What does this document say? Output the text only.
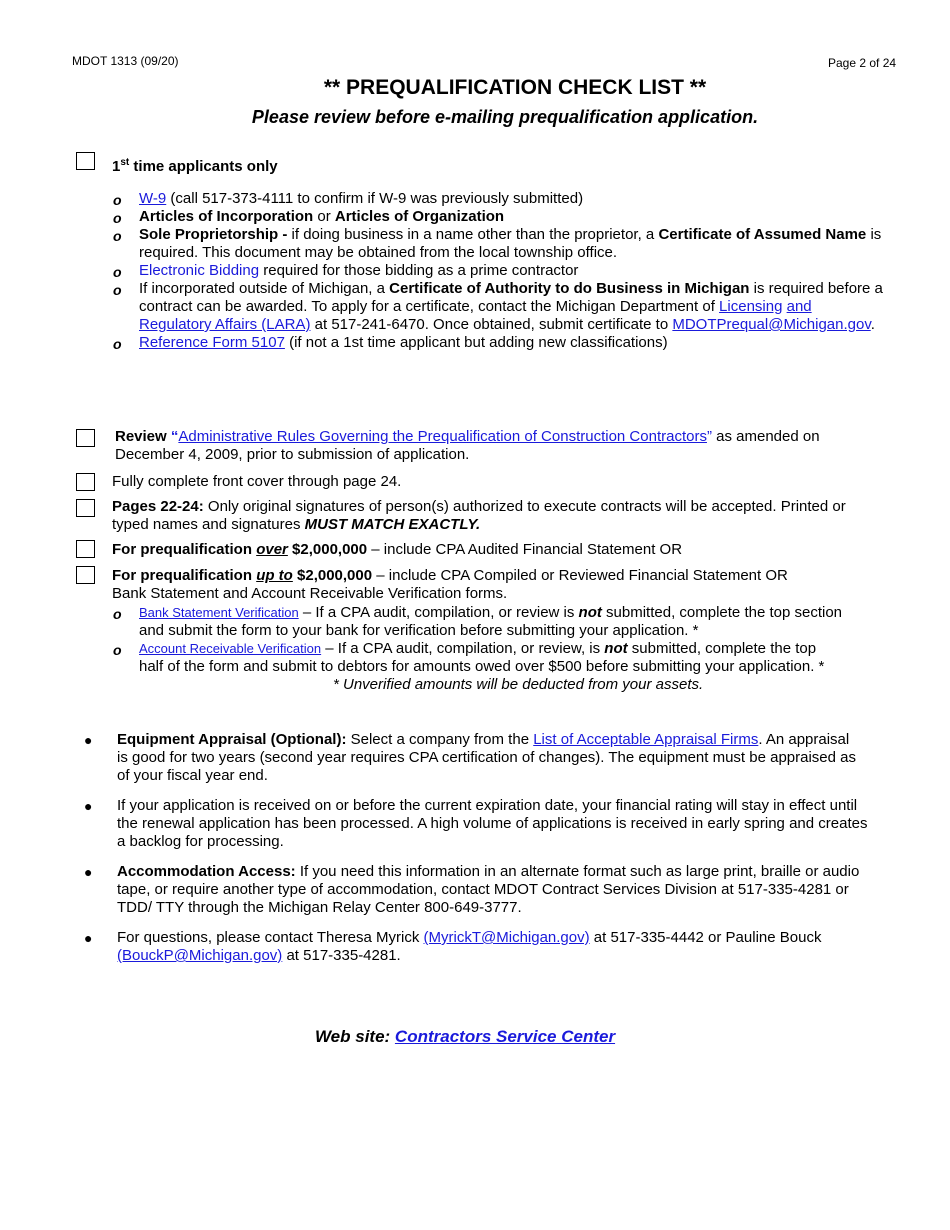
MDOT 1313 (09/20)	Page 2 of 24
** PREQUALIFICATION CHECK LIST **
Please review before e-mailing prequalification application.
1st time applicants only
o W-9 (call 517-373-4111 to confirm if W-9 was previously submitted)
o Articles of Incorporation or Articles of Organization
o Sole Proprietorship - if doing business in a name other than the proprietor, a Certificate of Assumed Name is
required. This document may be obtained from the local township office.
o Electronic Bidding required for those bidding as a prime contractor
o If incorporated outside of Michigan, a Certificate of Authority to do Business in Michigan is required before a
contract can be awarded. To apply for a certificate, contact the Michigan Department of Licensing and
Regulatory Affairs (LARA) at 517-241-6470. Once obtained, submit certificate to MDOTPrequal@Michigan.gov.
o Reference Form 5107 (if not a 1st time applicant but adding new classifications)
Review “Administrative Rules Governing the Prequalification of Construction Contractors” as amended on
December 4, 2009, prior to submission of application.
Fully complete front cover through page 24.
Pages 22-24: Only original signatures of person(s) authorized to execute contracts will be accepted. Printed or
typed names and signatures MUST MATCH EXACTLY.
For prequalification over $2,000,000 – include CPA Audited Financial Statement OR
For prequalification up to $2,000,000 – include CPA Compiled or Reviewed Financial Statement OR
Bank Statement and Account Receivable Verification forms.
o Bank Statement Verification – If a CPA audit, compilation, or review is not submitted, complete the top section
and submit the form to your bank for verification before submitting your application. *
o Account Receivable Verification – If a CPA audit, compilation, or review, is not submitted, complete the top
half of the form and submit to debtors for amounts owed over $500 before submitting your application. *
* Unverified amounts will be deducted from your assets.
● Equipment Appraisal (Optional): Select a company from the List of Acceptable Appraisal Firms. An appraisal
is good for two years (second year requires CPA certification of changes). The equipment must be appraised as
of your fiscal year end.
● If your application is received on or before the current expiration date, your financial rating will stay in effect until
the renewal application has been processed. A high volume of applications is received in early spring and creates
a backlog for processing.
● Accommodation Access: If you need this information in an alternate format such as large print, braille or audio
tape, or require another type of accommodation, contact MDOT Contract Services Division at 517-335-4281 or
TDD/ TTY through the Michigan Relay Center 800-649-3777.
● For questions, please contact Theresa Myrick (MyrickT@Michigan.gov) at 517-335-4442 or Pauline Bouck
(BouckP@Michigan.gov) at 517-335-4281.
Web site: Contractors Service Center
